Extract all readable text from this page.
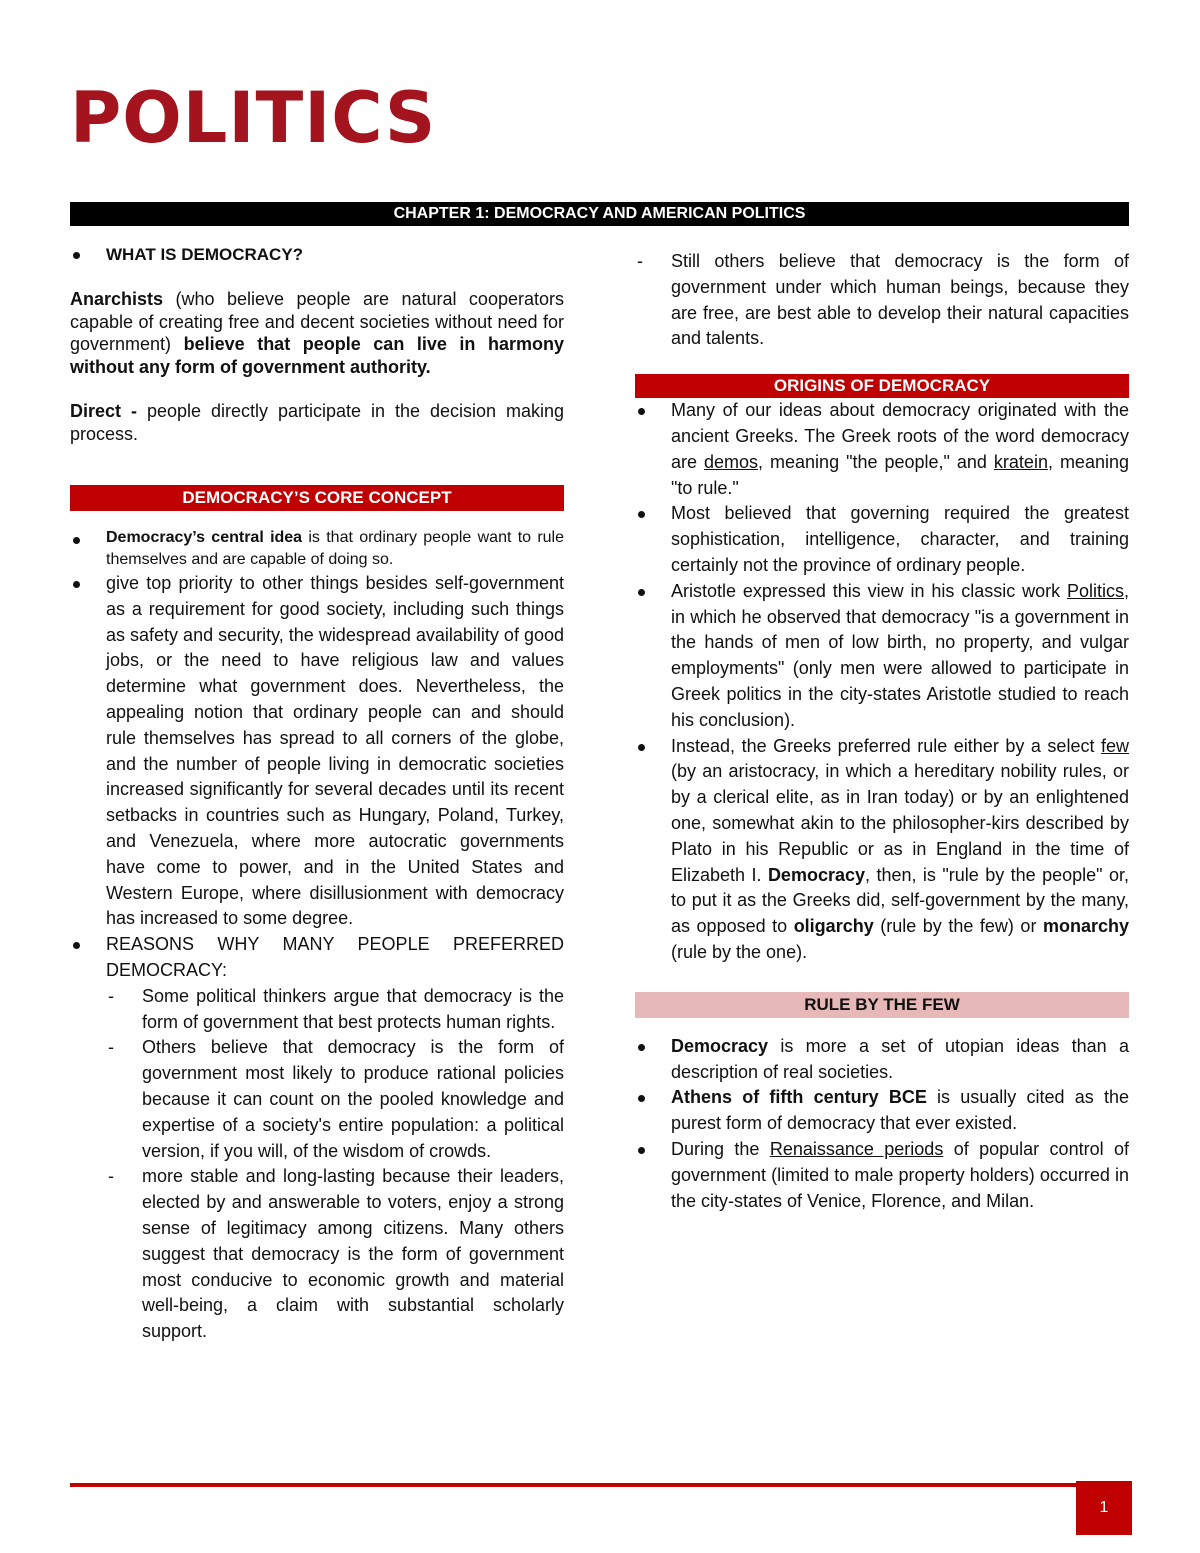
POLITICS
CHAPTER 1: DEMOCRACY AND AMERICAN POLITICS
WHAT IS DEMOCRACY?

Anarchists (who believe people are natural cooperators capable of creating free and decent societies without need for government) believe that people can live in harmony without any form of government authority.

Direct - people directly participate in the decision making process.

DEMOCRACY’S CORE CONCEPT
Democracy’s central idea is that ordinary people want to rule themselves and are capable of doing so.
give top priority to other things besides self-government as a requirement for good society, including such things as safety and security, the widespread availability of good jobs, or the need to have religious law and values determine what government does. Nevertheless, the appealing notion that ordinary people can and should rule themselves has spread to all corners of the globe, and the number of people living in democratic societies increased significantly for several decades until its recent setbacks in countries such as Hungary, Poland, Turkey, and Venezuela, where more autocratic governments have come to power, and in the United States and Western Europe, where disillusionment with democracy has increased to some degree.
REASONS WHY MANY PEOPLE PREFERRED DEMOCRACY:
- Some political thinkers argue that democracy is the form of government that best protects human rights.
- Others believe that democracy is the form of government most likely to produce rational policies because it can count on the pooled knowledge and expertise of a society's entire population: a political version, if you will, of the wisdom of crowds.
- more stable and long-lasting because their leaders, elected by and answerable to voters, enjoy a strong sense of legitimacy among citizens. Many others suggest that democracy is the form of government most conducive to economic growth and material well-being, a claim with substantial scholarly support.
- Still others believe that democracy is the form of government under which human beings, because they are free, are best able to develop their natural capacities and talents.
ORIGINS OF DEMOCRACY
Many of our ideas about democracy originated with the ancient Greeks. The Greek roots of the word democracy are demos, meaning "the people," and kratein, meaning "to rule."
Most believed that governing required the greatest sophistication, intelligence, character, and training certainly not the province of ordinary people.
Aristotle expressed this view in his classic work Politics, in which he observed that democracy "is a government in the hands of men of low birth, no property, and vulgar employments" (only men were allowed to participate in Greek politics in the city-states Aristotle studied to reach his conclusion).
Instead, the Greeks preferred rule either by a select few (by an aristocracy, in which a hereditary nobility rules, or by a clerical elite, as in Iran today) or by an enlightened one, somewhat akin to the philosopher-kirs described by Plato in his Republic or as in England in the time of Elizabeth I. Democracy, then, is "rule by the people" or, to put it as the Greeks did, self-government by the many, as opposed to oligarchy (rule by the few) or monarchy (rule by the one).
RULE BY THE FEW
Democracy is more a set of utopian ideas than a description of real societies.
Athens of fifth century BCE is usually cited as the purest form of democracy that ever existed.
During the Renaissance periods of popular control of government (limited to male property holders) occurred in the city-states of Venice, Florence, and Milan.
1
